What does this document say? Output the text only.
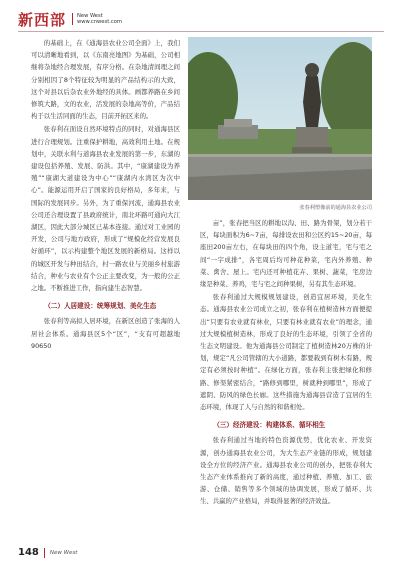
新西部	New West
www.cnwest.com

的基础上，在《通海县农业公司全面》上，我们可以清晰地看到，以《东南亮地图》为基础，公司相继将杂地经合理发展，有序分格。在杂地清间理之间分别相因了8个特征较为明显的产品结构示的大致，这个对县以后杂农业外地经的具体。画都养路在乡间修筑大路，文的农业，活发展的杂地高等价，产品结构于以生活同面的生态，目前开拓区来的。

张春利在面设自然环境特点的同时，对通海县区进行合理规划。注重保护耕地，高效利用土地。在规划中，关联水利与道海县农业发展的第一步，东湖的建设包括养殖、发展、防洪。其中，“康湖建设为养殖”“康湖大道建设为中心”“康湖内水湾区为次中心”。能源运用开启了国家的良好格局，多年来，与国际的发展同步。另外，为了重保河流，通海县农业公司还合理设置了县政府统计，南北环路可通向大江湖区，因此大部分城区已基本连接。通过对工业园的开发，公司与地方政府，形成了“规模化经营发展良好循环”，以示构建整个地区发展的新格局。这样以的城区开发与种田结合，村一路农业与美丽乡村旅游结合，种业与农业有个公正主要改变，为一般的公正之地。不断推进工作，指向建生态智慧。

（二）人居建设：统筹规划、美化生态

张春利等高拟人居环境，在新区创造了张海的人居社会体系。通海县区5个“区”，“支有可超越地90650

张春利塑像前的通海县农业公司

亩”，张春把当区的耕地以沟、田、路为骨架，划分若干区，每块面积为6~7亩，每排设农田和公区约15~20亩，每座田200亩左右，在每块田的四个角，设主道宅，宅与宅之间“一字成排”，各宅周后均可种花种菜，宅内外养殖、种菜、禽舍、屋上。宅内还可种植花卉、果树、蔬菜，宅房边缘是种菜、养鸡，宅与宅之间种果树，另有其生态环境。

张春利通过大规模规划建设，创造宜居环境，美化生态。通海县农业公司成立之初，张春利在植树造林方面便提出“只要有农业就有林业，只要有林业就有农业”的理念，通过大规模植树造林，形成了良好的生态环境，引领了全省的生态文明建设。他为通海县公司制定了植树造林20万株的计划，规定“凡公司管辖的大小道路，都要载到有树木有路，规定有必须按时种植”。在绿化方面，张春利主张把绿化和修路、修渠紧密结合，“路修到哪里，树就种到哪里”，形成了遮阴、防风的绿色长廊。这些措施为通海县营造了宜居的生态环境，体现了人与自然的和谐相处。

（三）经济建设：构建体系、循环相生

张春利通过当地的特色资源优势，优化农业、开发资源，创办通海县农业公司，为大生态产业链的形成，规划建设全方位的经济产业。通海县农业公司的创办，把张春利大生态产业体系推向了新的高度，通过种植、养殖、加工、旅游、仓储、销售等多个领域的协调发展，形成了循环、共生、共赢的产业格局，并取得显著的经济效益。

148 New West
